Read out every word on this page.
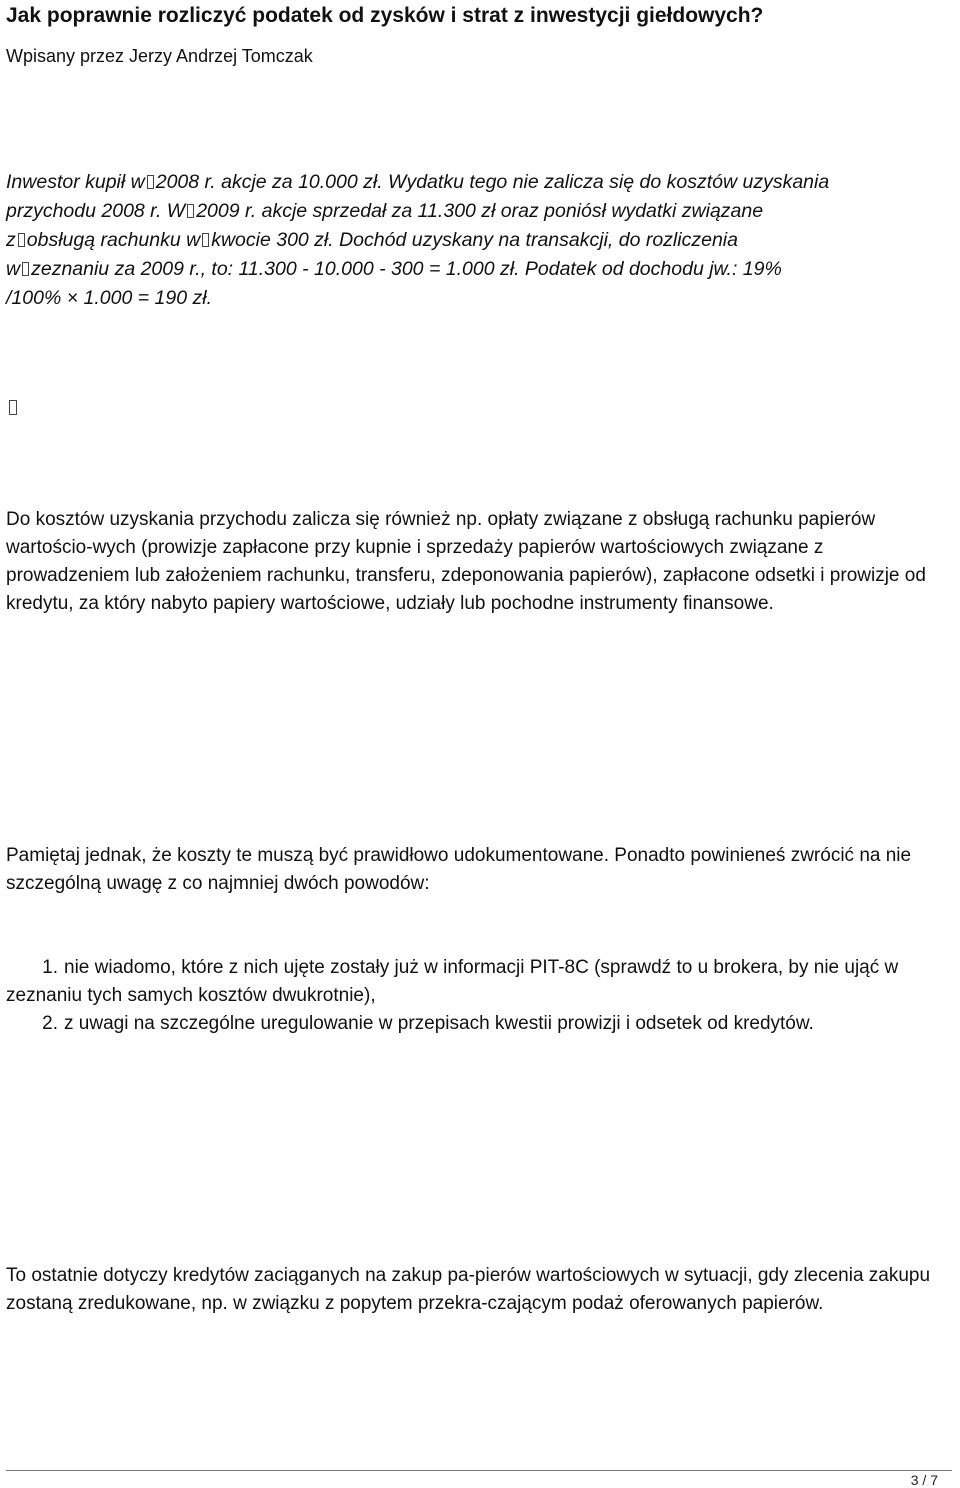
Jak poprawnie rozliczyć podatek od zysków i strat z inwestycji giełdowych?
Wpisany przez Jerzy Andrzej Tomczak

Inwestor kupił w 2008 r. akcje za 10.000 zł. Wydatku tego nie zalicza się do kosztów uzyskania

przychodu 2008 r. W 2009 r. akcje sprzedał za 11.300 zł oraz poniósł wydatki związane

z obsługą rachunku w kwocie 300 zł. Dochód uzyskany na transakcji, do rozliczenia

w zeznaniu za 2009 r., to: 11.300 - 10.000 - 300 = 1.000 zł. Podatek od dochodu jw.: 19%

/100% × 1.000 = 190 zł.

Do kosztów uzyskania przychodu zalicza się również np. opłaty związane z obsługą rachunku papierów wartościo-wych (prowizje zapłacone przy kupnie i sprzedaży papierów wartościowych związane z prowadzeniem lub założeniem rachunku, transferu, zdeponowania papierów), zapłacone odsetki i prowizje od kredytu, za który nabyto papiery wartościowe, udziały lub pochodne instrumenty finansowe.

Pamiętaj jednak, że koszty te muszą być prawidłowo udokumentowane. Ponadto powinieneś zwrócić na nie szczególną uwagę z co najmniej dwóch powodów:

1. nie wiadomo, które z nich ujęte zostały już w informacji PIT-8C (sprawdź to u brokera, by nie ująć w zeznaniu tych samych kosztów dwukrotnie),
2. z uwagi na szczególne uregulowanie w przepisach kwestii prowizji i odsetek od kredytów.

To ostatnie dotyczy kredytów zaciąganych na zakup pa-pierów wartościowych w sytuacji, gdy zlecenia zakupu zostaną zredukowane, np. w związku z popytem przekra-czającym podaż oferowanych papierów.

3 / 7
